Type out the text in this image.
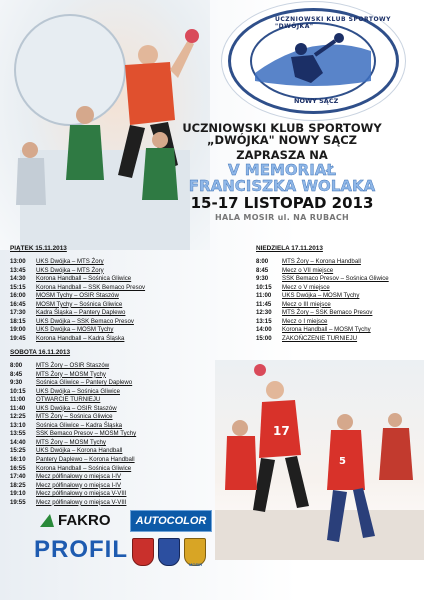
UCZNIOWSKI KLUB SPORTOWY "DWÓJKA"
NOWY SĄCZ
UCZNIOWSKI KLUB SPORTOWY
„DWÓJKA" NOWY SĄCZ
ZAPRASZA NA
V MEMORIAŁ
FRANCISZKA WOLAKA
15-17 LISTOPAD 2013
HALA MOSIR ul. NA RUBACH
PIĄTEK 15.11.2013
13:00	UKS Dwójka – MTS Żory
13:45	UKS Dwójka – MTS Żory
14:30	Korona Handball – Sośnica Gliwice
15:15	Korona Handball – SSK Bemaco Presov
16:00	MOSM Tychy – OSIR Staszów
16:45	MOSM Tychy – Sośnica Gliwice
17:30	Kadra Śląska – Pantery Daplewo
18:15	UKS Dwójka – SSK Bemaco Presov
19:00	UKS Dwójka – MOSM Tychy
19:45	Korona Handball – Kadra Śląska
SOBOTA 16.11.2013
8:00	MTS Żory – OSIR Staszów
8:45	MTS Żory – MOSM Tychy
9:30	Sośnica Gliwice – Pantery Daplewo
10:15	UKS Dwójka – Sośnica Gliwice
11:00	OTWARCIE TURNIEJU
11:40	UKS Dwójka – OSIR Staszów
12:25	MTS Żory – Sośnica Gliwice
13:10	Sośnica Gliwice – Kadra Śląska
13:55	SSK Bemaco Presov – MOSM Tychy
14:40	MTS Żory – MOSM Tychy
15:25	UKS Dwójka – Korona Handball
16:10	Pantery Daplewo – Korona Handball
16:55	Korona Handball – Sośnica Gliwice
17:40	Mecz półfinałowy o miejsca I-IV
18:25	Mecz półfinałowy o miejsca I-IV
19:10	Mecz półfinałowy o miejsca V-VIII
19:55	Mecz półfinałowy o miejsca V-VIII
NIEDZIELA 17.11.2013
8:00	MTS Żory – Korona Handball
8:45	Mecz o VII miejsce
9:30	SSK Bemaco Presov – Sośnica Gliwice
10:15	Mecz o V miejsce
11:00	UKS Dwójka – MOSM Tychy
11:45	Mecz o III miejsce
12:30	MTS Żory – SSK Bemaco Presov
13:15	Mecz o I miejsce
14:00	Korona Handball – MOSM Tychy
15:00	ZAKOŃCZENIE TURNIEJU
17
5
FAKRO	AUTOCOLOR
PROFIL
MOSiR
